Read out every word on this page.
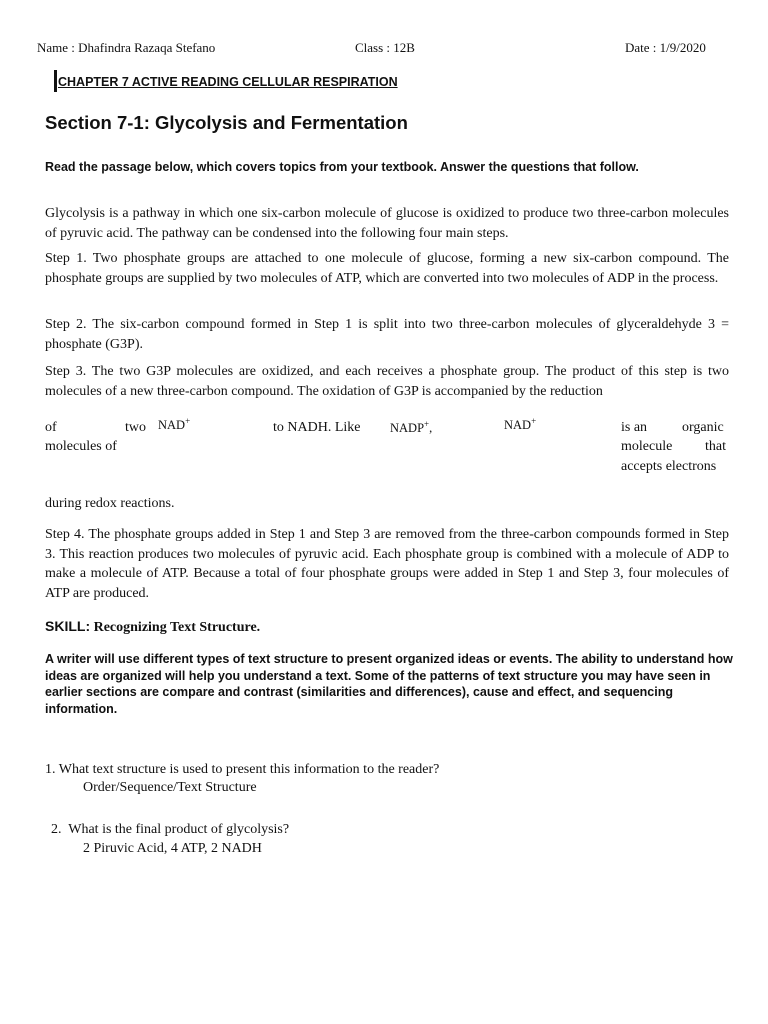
Name : Dhafindra Razaqa Stefano	Class : 12B	Date : 1/9/2020
CHAPTER 7 ACTIVE READING CELLULAR RESPIRATION
Section 7-1: Glycolysis and Fermentation
Read the passage below, which covers topics from your textbook. Answer the questions that follow.
Glycolysis is a pathway in which one six-carbon molecule of glucose is oxidized to produce two three-carbon molecules of pyruvic acid. The pathway can be condensed into the following four main steps.
Step 1. Two phosphate groups are attached to one molecule of glucose, forming a new six-carbon compound. The phosphate groups are supplied by two molecules of ATP, which are converted into two molecules of ADP in the process.
Step 2. The six-carbon compound formed in Step 1 is split into two three-carbon molecules of glyceraldehyde 3 = phosphate (G3P).
Step 3. The two G3P molecules are oxidized, and each receives a phosphate group. The product of this step is two molecules of a new three-carbon compound. The oxidation of G3P is accompanied by the reduction
of	two
molecules of
NAD+	to NADH. Like NADP+,	NAD+	is an organic
molecule that
accepts electrons
during redox reactions.
Step 4. The phosphate groups added in Step 1 and Step 3 are removed from the three-carbon compounds formed in Step 3. This reaction produces two molecules of pyruvic acid. Each phosphate group is combined with a molecule of ADP to make a molecule of ATP. Because a total of four phosphate groups were added in Step 1 and Step 3, four molecules of ATP are produced.
SKILL: Recognizing Text Structure.
A writer will use different types of text structure to present organized ideas or events. The ability to understand how ideas are organized will help you understand a text. Some of the patterns of text structure you may have seen in earlier sections are compare and contrast (similarities and differences), cause and effect, and sequencing information.
1. What text structure is used to present this information to the reader?
Order/Sequence/Text Structure
2.  What is the final product of glycolysis?
2 Piruvic Acid, 4 ATP, 2 NADH
